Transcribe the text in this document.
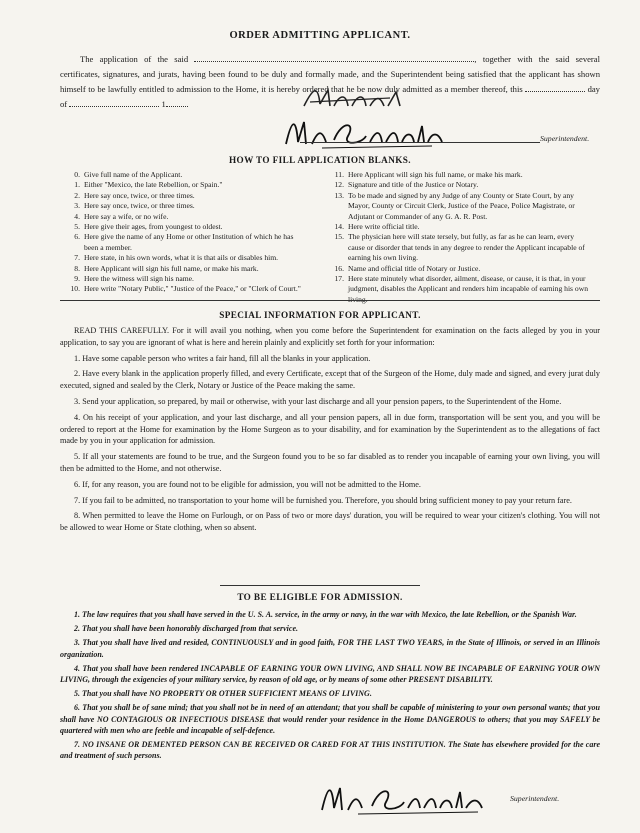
ORDER ADMITTING APPLICANT.
The application of the said	, together with the said several certificates, signatures, and jurats, having been found to be duly and formally made, and the Superintendent being satisfied that the applicant has shown himself to be lawfully entitled to admission to the Home, it is hereby ordered that he be now duly admitted as a member thereof, this	day of	1
Superintendent.
HOW TO FILL APPLICATION BLANKS.
0. Give full name of the Applicant.
1. Either "Mexico, the late Rebellion, or Spain."
2. Here say once, twice, or three times.
3. Here say once, twice, or three times.
4. Here say a wife, or no wife.
5. Here give their ages, from youngest to oldest.
6. Here give the name of any Home or other Institution of which he has been a member.
7. Here state, in his own words, what it is that ails or disables him.
8. Here Applicant will sign his full name, or make his mark.
9. Here the witness will sign his name.
10. Here write "Notary Public," "Justice of the Peace," or "Clerk of Court."
11. Here Applicant will sign his full name, or make his mark.
12. Signature and title of the Justice or Notary.
13. To be made and signed by any Judge of any County or State Court, by any Mayor, County or Circuit Clerk, Justice of the Peace, Police Magistrate, or Adjutant or Commander of any G. A. R. Post.
14. Here write official title.
15. The physician here will state tersely, but fully, as far as he can learn, every cause or disorder that tends in any degree to render the Applicant incapable of earning his own living.
16. Name and official title of Notary or Justice.
17. Here state minutely what disorder, ailment, disease, or cause, it is that, in your judgment, disables the Applicant and renders him incapable of earning his own
SPECIAL INFORMATION FOR APPLICANT.

READ THIS CAREFULLY. For it will avail you nothing, when you come before the Superintendent for examination on the facts alleged by you in your application, to say you are ignorant of what is here and herein plainly and explicitly set forth for your information:

1. Have some capable person who writes a fair hand, fill all the blanks in your application.

2. Have every blank in the application properly filled, and every Certificate, except that of the Surgeon of the Home, duly made and signed, and every jurat duly executed, signed and sealed by the Clerk, Notary or Justice of the Peace making the same.

3. Send your application, so prepared, by mail or otherwise, with your last discharge and all your pension papers, to the Superintendent of the Home.

4. On his receipt of your application, and your last discharge, and all your pension papers, all in due form, transportation will be sent you, and you will be ordered to report at the Home for examination by the Home Surgeon as to your disability, and for examination by the Superintendent as to the allegations of fact made by you in your application for admission.

5. If all your statements are found to be true, and the Surgeon found you to be so far disabled as to render you incapable of earning your own living, you will then be admitted to the Home, and not otherwise.

6. If, for any reason, you are found not to be eligible for admission, you will not be admitted to the Home.

7. If you fail to be admitted, no transportation to your home will be furnished you. Therefore, you should bring sufficient money to pay your return fare.

8. When permitted to leave the Home on Furlough, or on Pass of two or more days' duration, you will be required to wear your citizen's clothing. You will not be allowed to wear Home or State clothing, when so absent.

TO BE ELIGIBLE FOR ADMISSION.

1. The law requires that you shall have served in the U. S. A. service, in the army or navy, in the war with Mexico, the late Rebellion, or the Spanish War.

2. That you shall have been honorably discharged from that service.

3. That you shall have lived and resided, CONTINUOUSLY and in good faith, FOR THE LAST TWO YEARS, in the State of Illinois, or served in an Illinois organization.

4. That you shall have been rendered INCAPABLE OF EARNING YOUR OWN LIVING, AND SHALL NOW BE INCAPABLE OF EARNING YOUR OWN LIVING, through the exigencies of your military service, by reason of old age, or by means of some other PRESENT DISABILITY.

5. That you shall have NO PROPERTY OR OTHER SUFFICIENT MEANS OF LIVING.

6. That you shall be of sane mind; that you shall not be in need of an attendant; that you shall be capable of ministering to your own personal wants; that you shall have NO CONTAGIOUS OR INFECTIOUS DISEASE that would render your residence in the Home DANGEROUS to others; that you may SAFELY be quartered with men who are feeble and incapable of self-defence.

7. NO INSANE OR DEMENTED PERSON CAN BE RECEIVED OR CARED FOR AT THIS INSTITUTION. The State has elsewhere provided for the care and treatment of such persons.

Superintendent.
